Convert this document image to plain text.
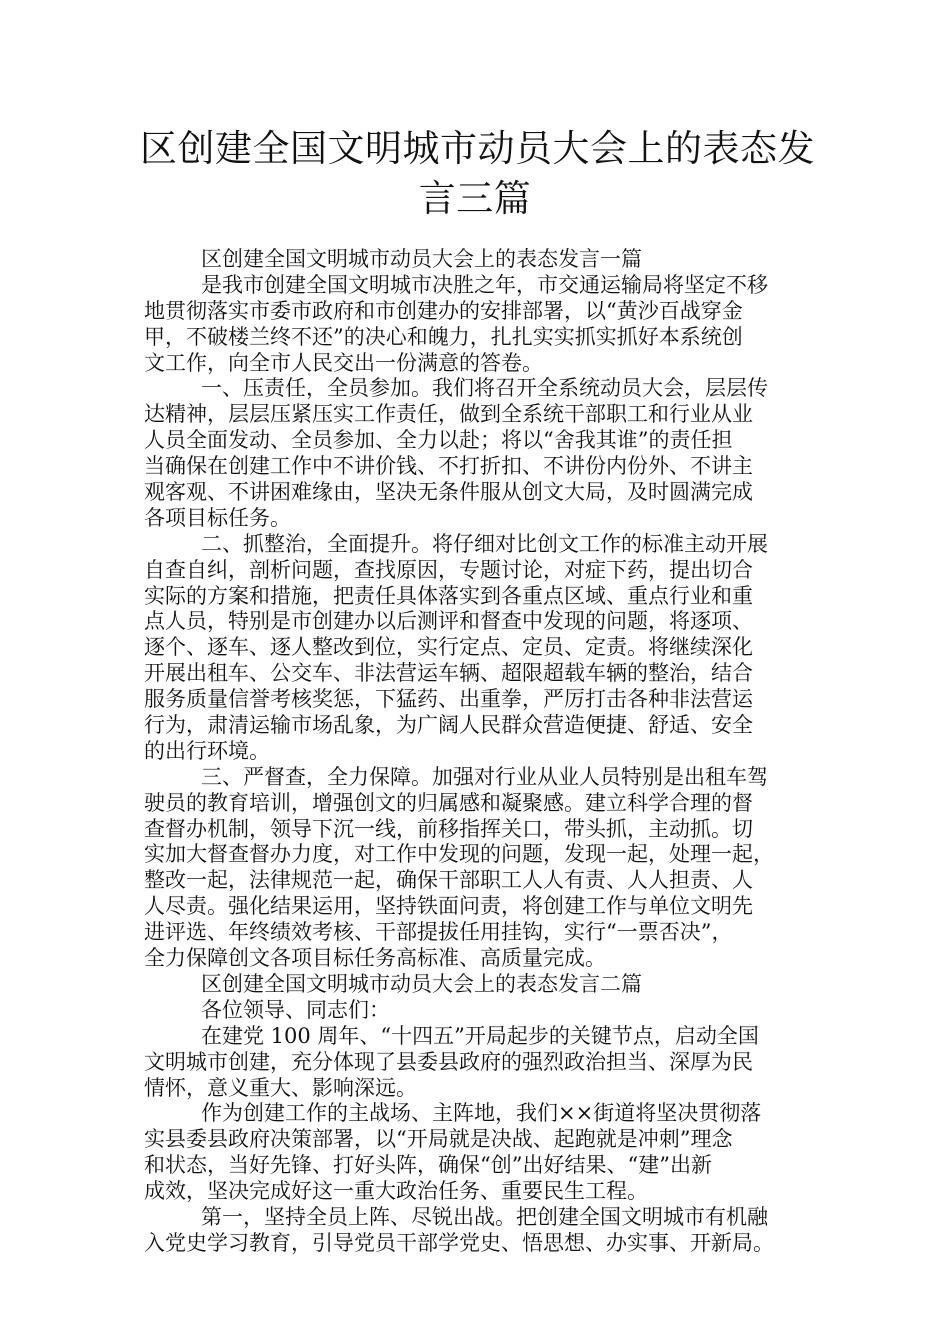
区创建全国文明城市动员大会上的表态发
言三篇
区创建全国文明城市动员大会上的表态发言一篇
是我市创建全国文明城市决胜之年，市交通运输局将坚定不移
地贯彻落实市委市政府和市创建办的安排部署，以“黄沙百战穿金
甲，不破楼兰终不还”的决心和魄力，扎扎实实抓实抓好本系统创
文工作，向全市人民交出一份满意的答卷。
一、压责任，全员参加。我们将召开全系统动员大会，层层传
达精神，层层压紧压实工作责任，做到全系统干部职工和行业从业
人员全面发动、全员参加、全力以赴；将以“舍我其谁”的责任担
当确保在创建工作中不讲价钱、不打折扣、不讲份内份外、不讲主
观客观、不讲困难缘由，坚决无条件服从创文大局，及时圆满完成
各项目标任务。
二、抓整治，全面提升。将仔细对比创文工作的标准主动开展
自查自纠，剖析问题，查找原因，专题讨论，对症下药，提出切合
实际的方案和措施，把责任具体落实到各重点区域、重点行业和重
点人员，特别是市创建办以后测评和督查中发现的问题，将逐项、
逐个、逐车、逐人整改到位，实行定点、定员、定责。将继续深化
开展出租车、公交车、非法营运车辆、超限超载车辆的整治，结合
服务质量信誉考核奖惩，下猛药、出重拳，严厉打击各种非法营运
行为，肃清运输市场乱象，为广阔人民群众营造便捷、舒适、安全
的出行环境。
三、严督查，全力保障。加强对行业从业人员特别是出租车驾
驶员的教育培训，增强创文的归属感和凝聚感。建立科学合理的督
查督办机制，领导下沉一线，前移指挥关口，带头抓，主动抓。切
实加大督查督办力度，对工作中发现的问题，发现一起，处理一起，
整改一起，法律规范一起，确保干部职工人人有责、人人担责、人
人尽责。强化结果运用，坚持铁面问责，将创建工作与单位文明先
进评选、年终绩效考核、干部提拔任用挂钩，实行“一票否决”，
全力保障创文各项目标任务高标准、高质量完成。
区创建全国文明城市动员大会上的表态发言二篇
各位领导、同志们：
在建党 100 周年、“十四五”开局起步的关键节点，启动全国
文明城市创建，充分体现了县委县政府的强烈政治担当、深厚为民
情怀，意义重大、影响深远。
作为创建工作的主战场、主阵地，我们××街道将坚决贯彻落
实县委县政府决策部署，以“开局就是决战、起跑就是冲刺”理念
和状态，当好先锋、打好头阵，确保“创”出好结果、“建”出新
成效，坚决完成好这一重大政治任务、重要民生工程。
第一，坚持全员上阵、尽锐出战。把创建全国文明城市有机融
入党史学习教育，引导党员干部学党史、悟思想、办实事、开新局。
